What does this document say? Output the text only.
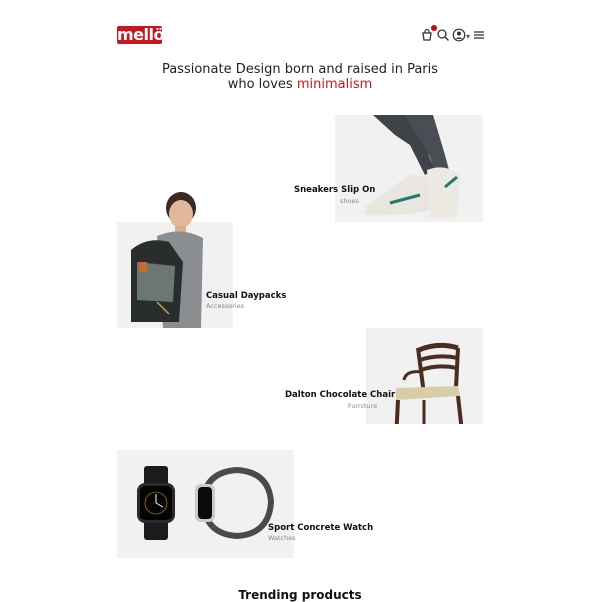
mellö	▾
Passionate Design born and raised in Paris
who loves minimalism
Sneakers Slip On
shoes
Casual Daypacks
Accessories
Dalton Chocolate Chair
Furniture
Sport Concrete Watch
Watches
Trending products
